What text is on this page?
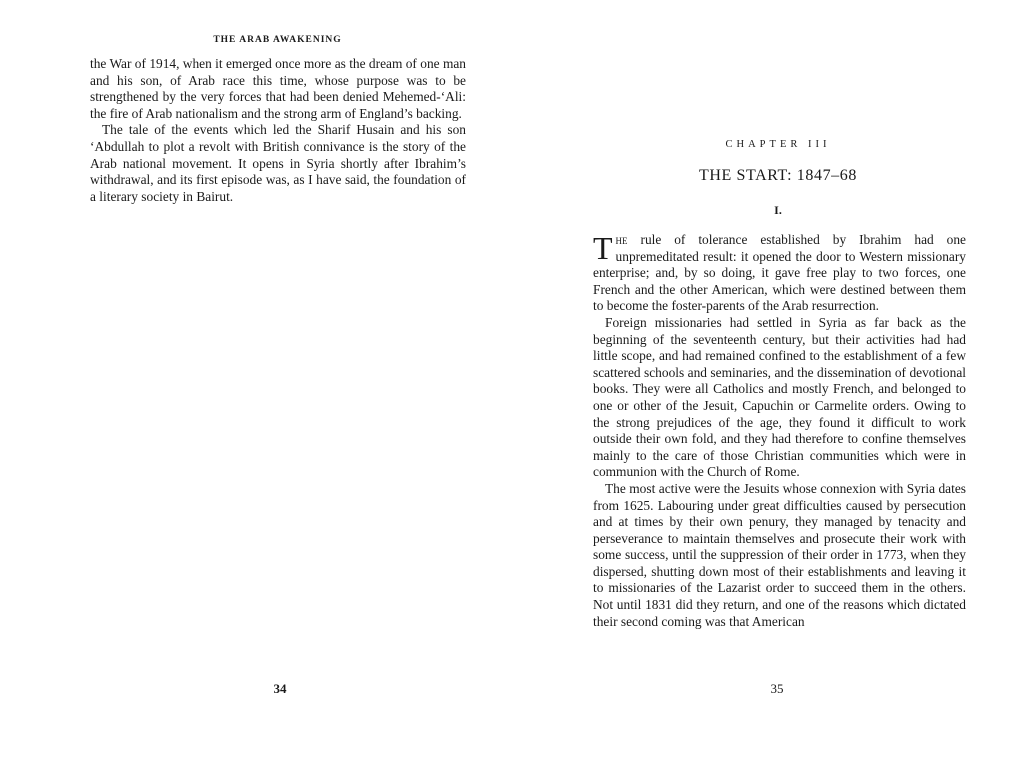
THE ARAB AWAKENING

the War of 1914, when it emerged once more as the dream of one man and his son, of Arab race this time, whose purpose was to be strengthened by the very forces that had been denied Mehemed-‘Ali: the fire of Arab nationalism and the strong arm of England’s backing.

The tale of the events which led the Sharif Husain and his son ‘Abdullah to plot a revolt with British connivance is the story of the Arab national movement. It opens in Syria shortly after Ibrahim’s withdrawal, and its first episode was, as I have said, the foundation of a literary society in Bairut.

34
CHAPTER III
THE START: 1847–68
I.

The rule of tolerance established by Ibrahim had one unpremeditated result: it opened the door to Western missionary enterprise; and, by so doing, it gave free play to two forces, one French and the other American, which were destined between them to become the foster-parents of the Arab resurrection.

Foreign missionaries had settled in Syria as far back as the beginning of the seventeenth century, but their activities had had little scope, and had remained confined to the establishment of a few scattered schools and seminaries, and the dissemination of devotional books. They were all Catholics and mostly French, and belonged to one or other of the Jesuit, Capuchin or Carmelite orders. Owing to the strong prejudices of the age, they found it difficult to work outside their own fold, and they had therefore to confine themselves mainly to the care of those Christian communities which were in communion with the Church of Rome.

The most active were the Jesuits whose connexion with Syria dates from 1625. Labouring under great difficulties caused by persecution and at times by their own penury, they managed by tenacity and perseverance to maintain themselves and prosecute their work with some success, until the suppression of their order in 1773, when they dispersed, shutting down most of their establishments and leaving it to missionaries of the Lazarist order to succeed them in the others. Not until 1831 did they return, and one of the reasons which dictated their second coming was that American

35
